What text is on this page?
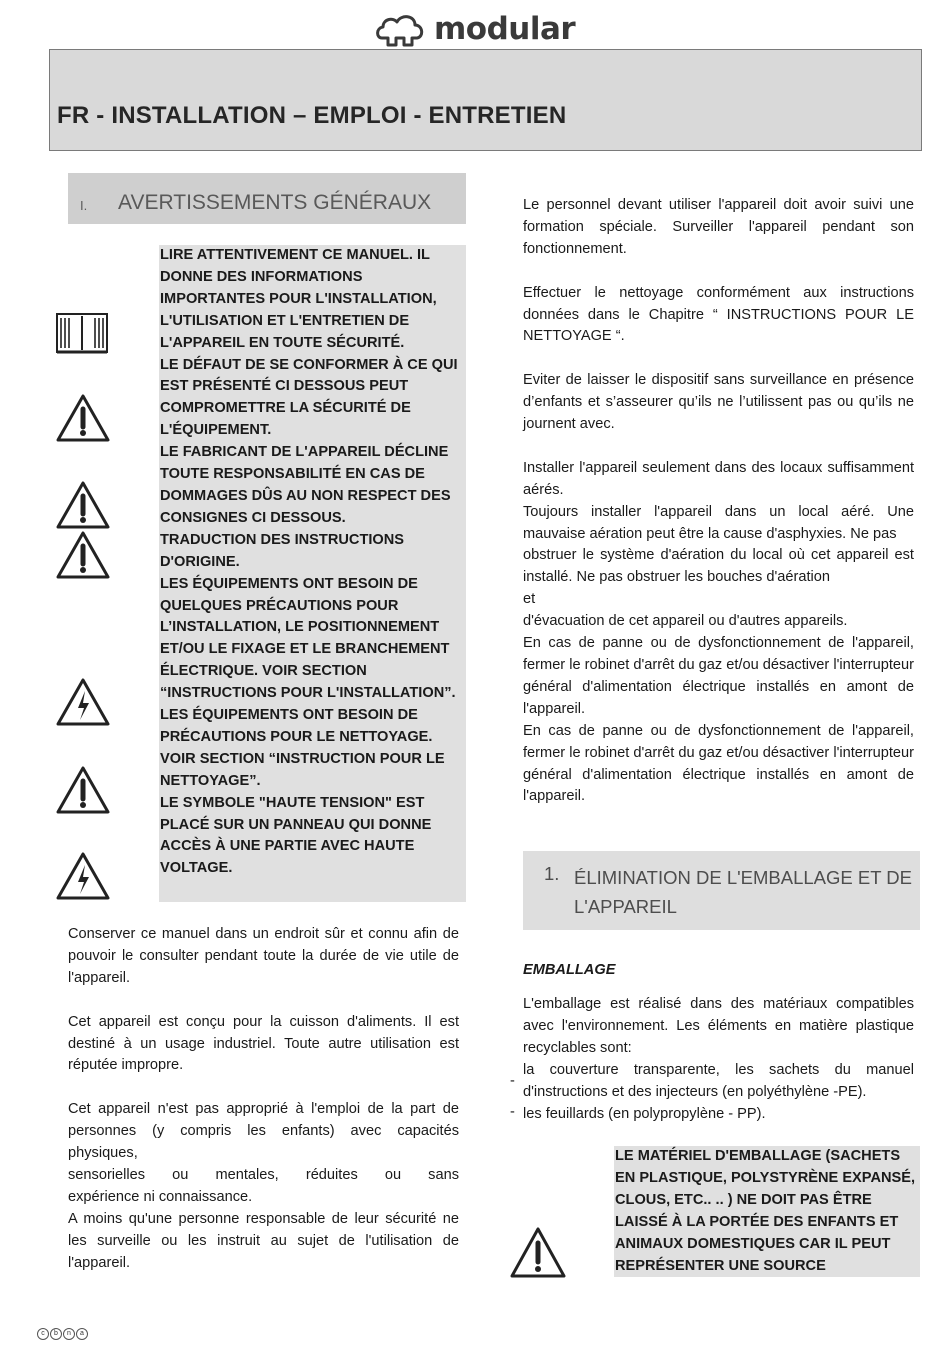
modular
FR - INSTALLATION – EMPLOI - ENTRETIEN
I. AVERTISSEMENTS GÉNÉRAUX
LIRE ATTENTIVEMENT CE MANUEL. IL DONNE DES INFORMATIONS IMPORTANTES POUR L'INSTALLATION, L'UTILISATION ET L'ENTRETIEN DE L'APPAREIL EN TOUTE SÉCURITÉ.
LE DÉFAUT DE SE CONFORMER À CE QUI EST PRÉSENTÉ CI DESSOUS PEUT COMPROMETTRE LA SÉCURITÉ DE L'ÉQUIPEMENT.
LE FABRICANT DE L'APPAREIL DÉCLINE TOUTE RESPONSABILITÉ EN CAS DE DOMMAGES DÛS AU NON RESPECT DES CONSIGNES CI DESSOUS.
TRADUCTION DES INSTRUCTIONS D'ORIGINE.
LES ÉQUIPEMENTS ONT BESOIN DE QUELQUES PRÉCAUTIONS POUR L’INSTALLATION, LE POSITIONNEMENT ET/OU LE FIXAGE ET LE BRANCHEMENT ÉLECTRIQUE. VOIR SECTION “INSTRUCTIONS POUR L'INSTALLATION”.
LES ÉQUIPEMENTS ONT BESOIN DE PRÉCAUTIONS POUR LE NETTOYAGE. VOIR SECTION “INSTRUCTION POUR LE NETTOYAGE”.
LE SYMBOLE "HAUTE TENSION" EST PLACÉ SUR UN PANNEAU QUI DONNE ACCÈS À UNE PARTIE AVEC HAUTE VOLTAGE.
Conserver ce manuel dans un endroit sûr et connu afin de pouvoir le consulter pendant toute la durée de vie utile de l'appareil.
Cet appareil est conçu pour la cuisson d'aliments. Il est destiné à un usage industriel. Toute autre utilisation est réputée impropre.
Cet appareil n'est pas approprié à l'emploi de la part de personnes (y compris les enfants) avec capacités physiques,
sensorielles ou mentales, réduites ou sans
expérience ni connaissance.
A moins qu'une personne responsable de leur sécurité ne les surveille ou les instruit au sujet de l'utilisation de l'appareil.
Le personnel devant utiliser l'appareil doit avoir suivi une formation spéciale. Surveiller l'appareil pendant son fonctionnement.
Effectuer le nettoyage conformément aux instructions données dans le Chapitre “ INSTRUCTIONS POUR LE NETTOYAGE “.
Eviter de laisser le dispositif sans surveillance en présence d’enfants et s’asseurer qu’ils ne l’utilissent pas ou qu’ils ne journent avec.
Installer l'appareil seulement dans des locaux suffisamment aérés.
Toujours installer l'appareil dans un local aéré. Une mauvaise aération peut être la cause d'asphyxies. Ne pas
obstruer le système d'aération du local où cet appareil est installé. Ne pas obstruer les bouches d'aération
et
d'évacuation de cet appareil ou d'autres appareils.
En cas de panne ou de dysfonctionnement de l'appareil, fermer le robinet d'arrêt du gaz et/ou désactiver l'interrupteur général d'alimentation électrique installés en amont de l'appareil.
En cas de panne ou de dysfonctionnement de l'appareil, fermer le robinet d'arrêt du gaz et/ou désactiver l'interrupteur général d'alimentation électrique installés en amont de l'appareil.
1. ÉLIMINATION DE L'EMBALLAGE ET DE L'APPAREIL
EMBALLAGE
L'emballage est réalisé dans des matériaux compatibles avec l'environnement. Les éléments en matière plastique recyclables sont:
la couverture transparente, les sachets du manuel d'instructions et des injecteurs (en polyéthylène -PE).
les feuillards (en polypropylène - PP).
-
-
LE MATÉRIEL D'EMBALLAGE (SACHETS EN PLASTIQUE, POLYSTYRÈNE EXPANSÉ, CLOUS, ETC.. .. ) NE DOIT PAS ÊTRE LAISSÉ À LA PORTÉE DES ENFANTS ET ANIMAUX DOMESTIQUES CAR IL PEUT REPRÉSENTER UNE SOURCE
c	b	n	a
